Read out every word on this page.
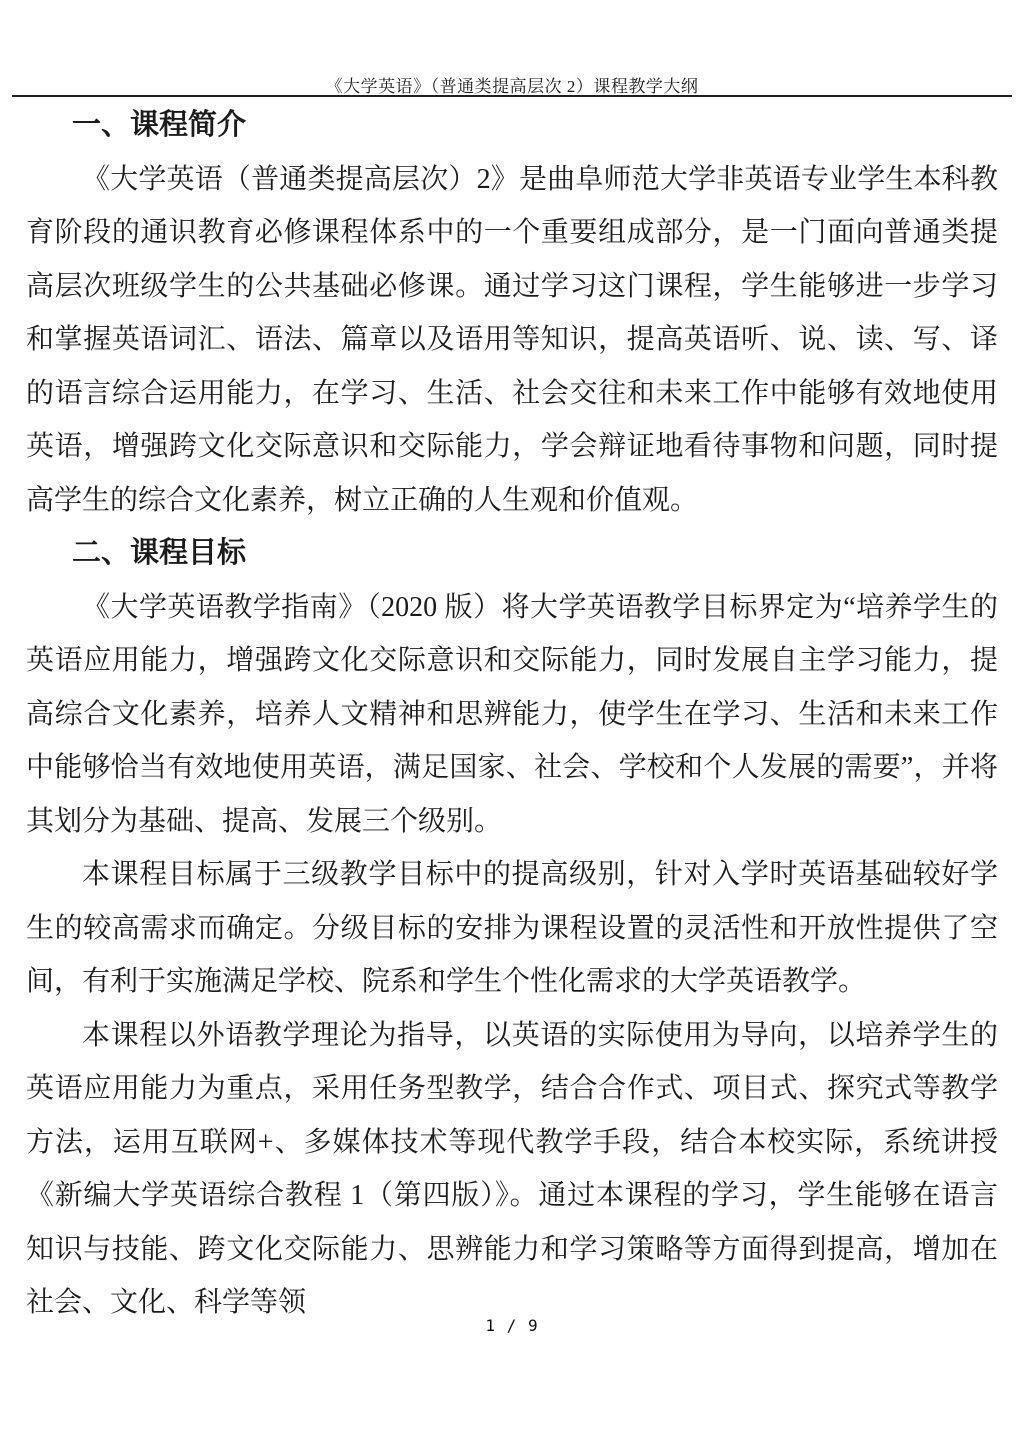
《大学英语》（普通类提高层次 2）课程教学大纲
一、课程简介

《大学英语（普通类提高层次）2》是曲阜师范大学非英语专业学生本科教育阶段的通识教育必修课程体系中的一个重要组成部分，是一门面向普通类提高层次班级学生的公共基础必修课。通过学习这门课程，学生能够进一步学习和掌握英语词汇、语法、篇章以及语用等知识，提高英语听、说、读、写、译的语言综合运用能力，在学习、生活、社会交往和未来工作中能够有效地使用英语，增强跨文化交际意识和交际能力，学会辩证地看待事物和问题，同时提高学生的综合文化素养，树立正确的人生观和价值观。

二、课程目标

《大学英语教学指南》（2020 版）将大学英语教学目标界定为“培养学生的英语应用能力，增强跨文化交际意识和交际能力，同时发展自主学习能力，提高综合文化素养，培养人文精神和思辨能力，使学生在学习、生活和未来工作中能够恰当有效地使用英语，满足国家、社会、学校和个人发展的需要”，并将其划分为基础、提高、发展三个级别。

本课程目标属于三级教学目标中的提高级别，针对入学时英语基础较好学生的较高需求而确定。分级目标的安排为课程设置的灵活性和开放性提供了空间，有利于实施满足学校、院系和学生个性化需求的大学英语教学。

本课程以外语教学理论为指导，以英语的实际使用为导向，以培养学生的英语应用能力为重点，采用任务型教学，结合合作式、项目式、探究式等教学方法，运用互联网+、多媒体技术等现代教学手段，结合本校实际，系统讲授《新编大学英语综合教程 1（第四版）》。通过本课程的学习，学生能够在语言知识与技能、跨文化交际能力、思辨能力和学习策略等方面得到提高，增加在社会、文化、科学等领

1 / 9
